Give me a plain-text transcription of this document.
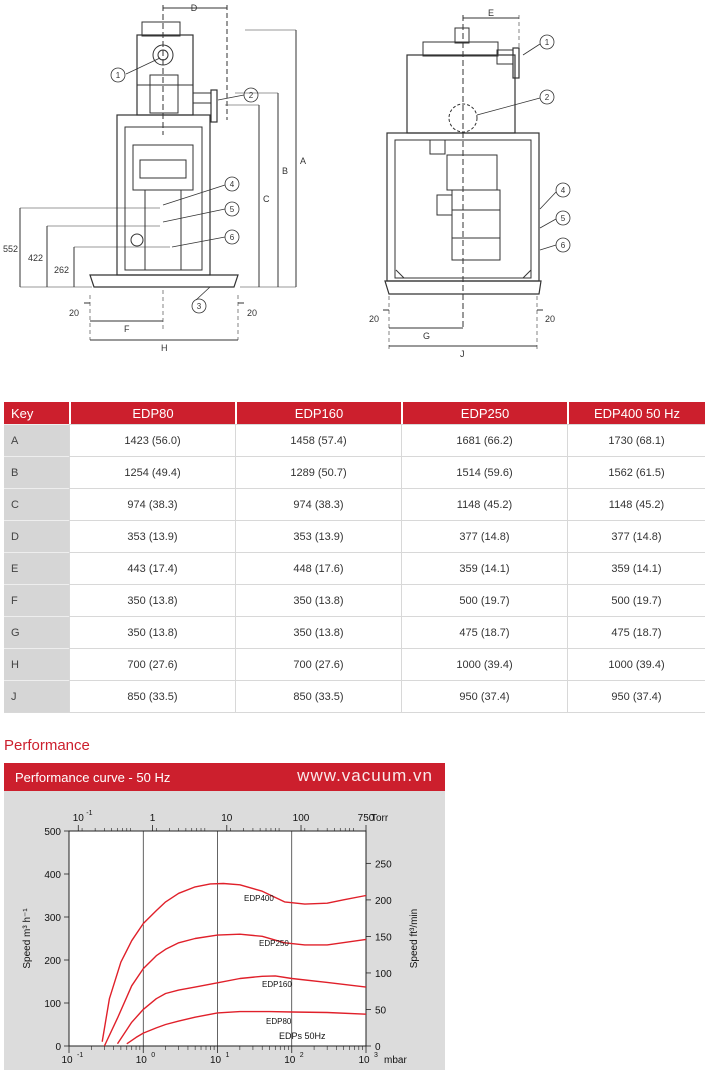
D
A
B
C
552
422
262
20	20
F
H
1
2
3
4
5
6
E
20	20
G
J
1
2
4
5
6
Key	EDP80	EDP160	EDP250	EDP400 50 Hz
A	1423 (56.0)	1458 (57.4)	1681 (66.2)	1730 (68.1)
B	1254 (49.4)	1289 (50.7)	1514 (59.6)	1562 (61.5)
C	974 (38.3)	974 (38.3)	1148 (45.2)	1148 (45.2)
D	353 (13.9)	353 (13.9)	377 (14.8)	377 (14.8)
E	443 (17.4)	448 (17.6)	359 (14.1)	359 (14.1)
F	350 (13.8)	350 (13.8)	500 (19.7)	500 (19.7)
G	350 (13.8)	350 (13.8)	475 (18.7)	475 (18.7)
H	700 (27.6)	700 (27.6)	1000 (39.4)	1000 (39.4)
J	850 (33.5)	850 (33.5)	950 (37.4)	950 (37.4)
Performance
Performance curve - 50 Hz	www.vacuum.vn
10 -1	10 0	10 1	10 2	10 3 mbar
10 -1	1	10	100	750
Torr
0
100
200
300
400
500
0
50
100
150
200
250
Speed m³ h⁻¹	Speed ft³/min
EDP400
EDP250
EDP160
EDP80
EDPs 50Hz
